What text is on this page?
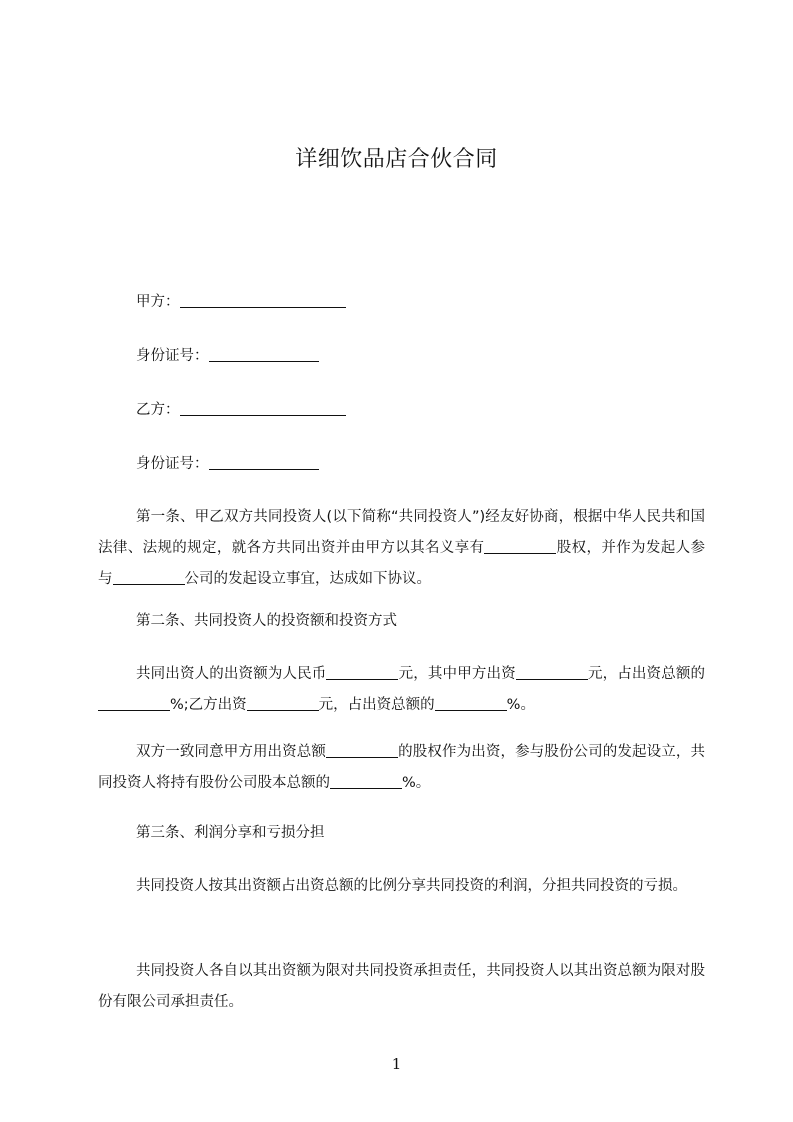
详细饮品店合伙合同
甲方：
身份证号：
乙方：
身份证号：

第一条、甲乙双方共同投资人(以下简称“共同投资人”)经友好协商，根据中华人民共和国法律、法规的规定，就各方共同出资并由甲方以其名义享有	股权，并作为发起人参与	公司的发起设立事宜，达成如下协议。

第二条、共同投资人的投资额和投资方式

共同出资人的出资额为人民币	元，其中甲方出资	元，占出资总额的%;乙方出资	元，占出资总额的	%。

双方一致同意甲方用出资总额	的股权作为出资，参与股份公司的发起设立，共同投资人将持有股份公司股本总额的	%。

第三条、利润分享和亏损分担

共同投资人按其出资额占出资总额的比例分享共同投资的利润，分担共同投资的亏损。

共同投资人各自以其出资额为限对共同投资承担责任，共同投资人以其出资总额为限对股份有限公司承担责任。

1
